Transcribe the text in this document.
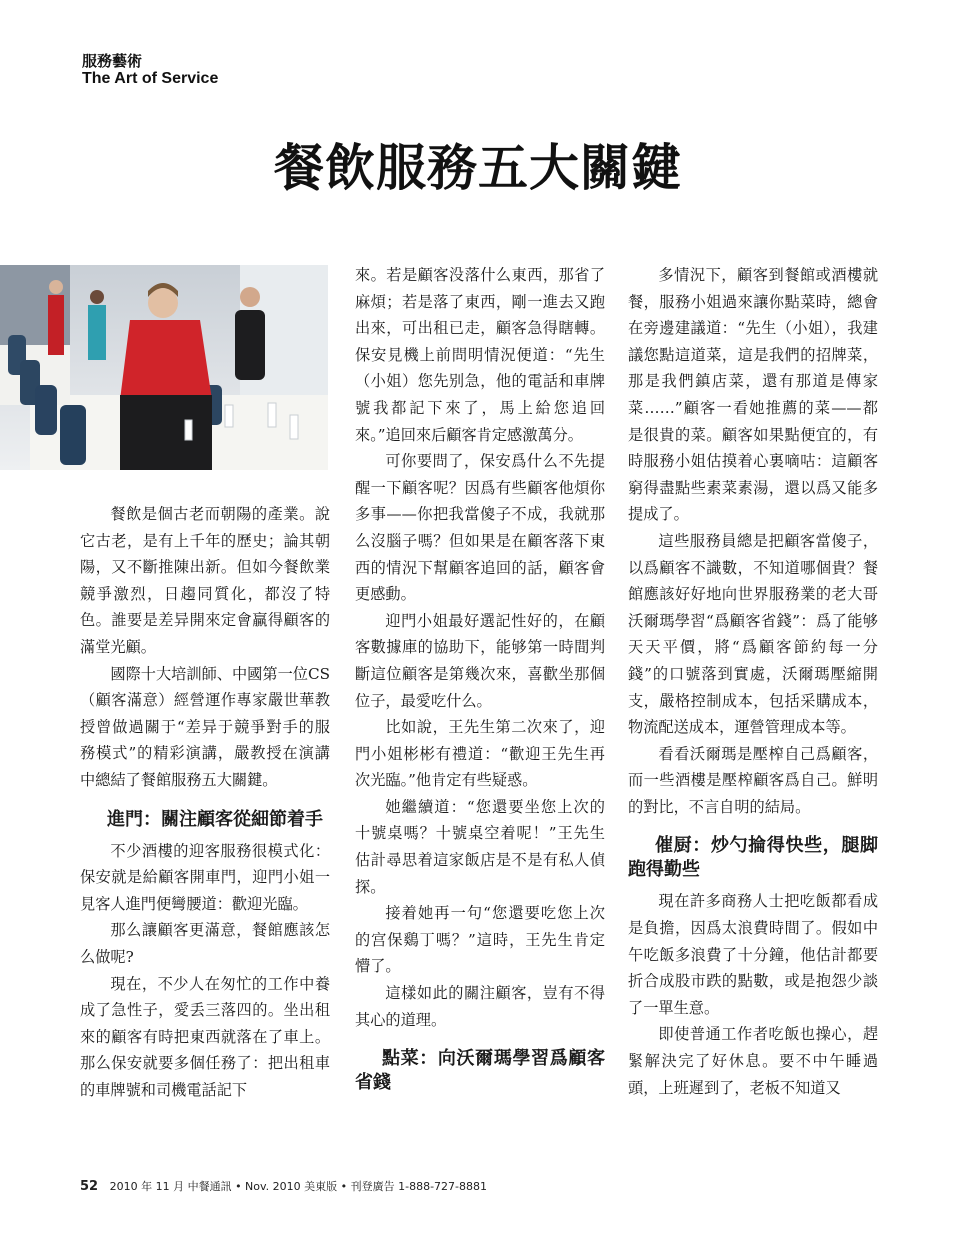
服務藝術
The Art of Service
餐飲服務五大關鍵

餐飲是個古老而朝陽的產業。說它古老，是有上千年的歷史；論其朝陽，又不斷推陳出新。但如今餐飲業競爭激烈，日趨同質化，都沒了特色。誰要是差异開來定會贏得顧客的滿堂光顧。

國際十大培訓師、中國第一位CS（顧客滿意）經營運作專家嚴世華教授曾做過關于“差异于競爭對手的服務模式”的精彩演講，嚴教授在演講中總結了餐館服務五大關鍵。

進門：關注顧客從細節着手

不少酒樓的迎客服務很模式化：保安就是給顧客開車門，迎門小姐一見客人進門便彎腰道：歡迎光臨。

那么讓顧客更滿意，餐館應該怎么做呢?

現在，不少人在匆忙的工作中養成了急性子，愛丢三落四的。坐出租來的顧客有時把東西就落在了車上。那么保安就要多個任務了：把出租車的車牌號和司機電話記下

來。若是顧客没落什么東西，那省了麻煩；若是落了東西，剛一進去又跑出來，可出租已走，顧客急得瞎轉。保安見機上前問明情況便道：“先生（小姐）您先别急，他的電話和車牌號我都記下來了，馬上給您追回來。”追回來后顧客肯定感激萬分。

可你要問了，保安爲什么不先提醒一下顧客呢？因爲有些顧客他煩你多事——你把我當傻子不成，我就那么沒腦子嗎？但如果是在顧客落下東西的情況下幫顧客追回的話，顧客會更感動。

迎門小姐最好選記性好的，在顧客數據庫的協助下，能够第一時間判斷這位顧客是第幾次來，喜歡坐那個位子，最愛吃什么。

比如說，王先生第二次來了，迎門小姐彬彬有禮道：“歡迎王先生再次光臨。”他肯定有些疑惑。

她繼續道：“您還要坐您上次的十號桌嗎？十號桌空着呢！”王先生估計尋思着這家飯店是不是有私人偵探。

接着她再一句“您還要吃您上次的宫保鷄丁嗎？”這時，王先生肯定懵了。

這樣如此的關注顧客，豈有不得其心的道理。

點菜：向沃爾瑪學習爲顧客省錢

多情況下，顧客到餐館或酒樓就餐，服務小姐過來讓你點菜時，總會在旁邊建議道：“先生（小姐），我建議您點這道菜，這是我們的招牌菜，那是我們鎮店菜，還有那道是傳家菜……”顧客一看她推薦的菜——都是很貴的菜。顧客如果點便宜的，有時服務小姐估摸着心裏嘀咕：這顧客窮得盡點些素菜素湯，還以爲又能多提成了。

這些服務員總是把顧客當傻子，以爲顧客不識數，不知道哪個貴？餐館應該好好地向世界服務業的老大哥沃爾瑪學習“爲顧客省錢”：爲了能够天天平價，將“爲顧客節約每一分錢”的口號落到實處，沃爾瑪壓縮開支，嚴格控制成本，包括采購成本，物流配送成本，運營管理成本等。

看看沃爾瑪是壓榨自己爲顧客，而一些酒樓是壓榨顧客爲自己。鮮明的對比，不言自明的結局。

催厨：炒勺掄得快些，腿脚跑得勤些

現在許多商務人士把吃飯都看成是負擔，因爲太浪費時間了。假如中午吃飯多浪費了十分鐘，他估計都要折合成股市跌的點數，或是抱怨少談了一單生意。

即使普通工作者吃飯也操心，趕緊解決完了好休息。要不中午睡過頭，上班遲到了，老板不知道又

52 2010 年 11 月 中餐通訊 • Nov. 2010 美東版 • 刊登廣告 1-888-727-8881
